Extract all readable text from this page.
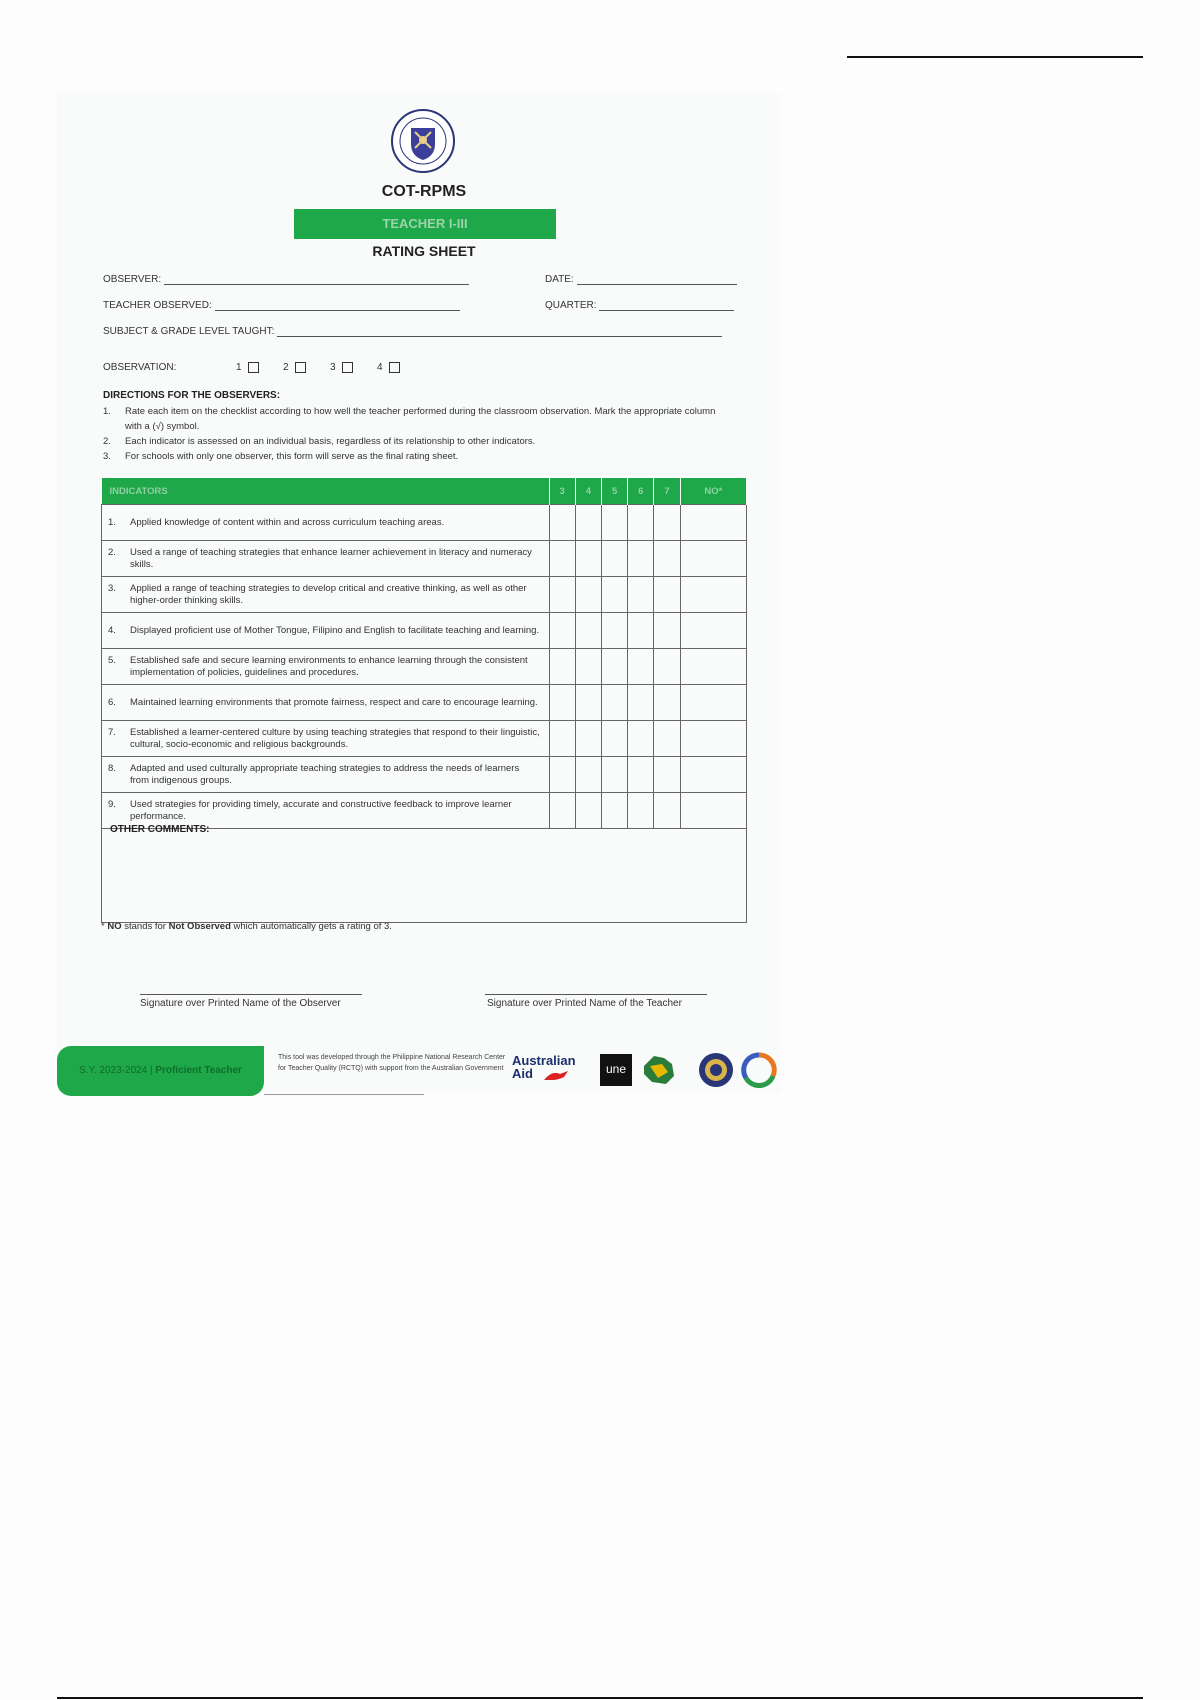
COT-RPMS
TEACHER I-III
RATING SHEET
OBSERVER:	DATE:
TEACHER OBSERVED:	QUARTER:
SUBJECT & GRADE LEVEL TAUGHT:
OBSERVATION:	1	2	3	4
DIRECTIONS FOR THE OBSERVERS:
1. Rate each item on the checklist according to how well the teacher performed during the classroom observation. Mark the appropriate column with a (√) symbol.
2. Each indicator is assessed on an individual basis, regardless of its relationship to other indicators.
3. For schools with only one observer, this form will serve as the final rating sheet.
INDICATORS	3	4	5	6	7	NO*
1. Applied knowledge of content within and across curriculum teaching areas.						
2. Used a range of teaching strategies that enhance learner achievement in literacy and numeracy skills.						
3. Applied a range of teaching strategies to develop critical and creative thinking, as well as other higher-order thinking skills.						
4. Displayed proficient use of Mother Tongue, Filipino and English to facilitate teaching and learning.						
5. Established safe and secure learning environments to enhance learning through the consistent implementation of policies, guidelines and procedures.						
6. Maintained learning environments that promote fairness, respect and care to encourage learning.						
7. Established a learner-centered culture by using teaching strategies that respond to their linguistic, cultural, socio-economic and religious backgrounds.						
8. Adapted and used culturally appropriate teaching strategies to address the needs of learners from indigenous groups.						
9. Used strategies for providing timely, accurate and constructive feedback to improve learner performance.						
OTHER COMMENTS:
* NO stands for Not Observed which automatically gets a rating of 3.
Signature over Printed Name of the Observer	Signature over Printed Name of the Teacher
S.Y. 2023-2024 | Proficient Teacher
This tool was developed through the Philippine National Research Center for Teacher Quality (RCTQ) with support from the Australian Government
Australian
Aid	une
